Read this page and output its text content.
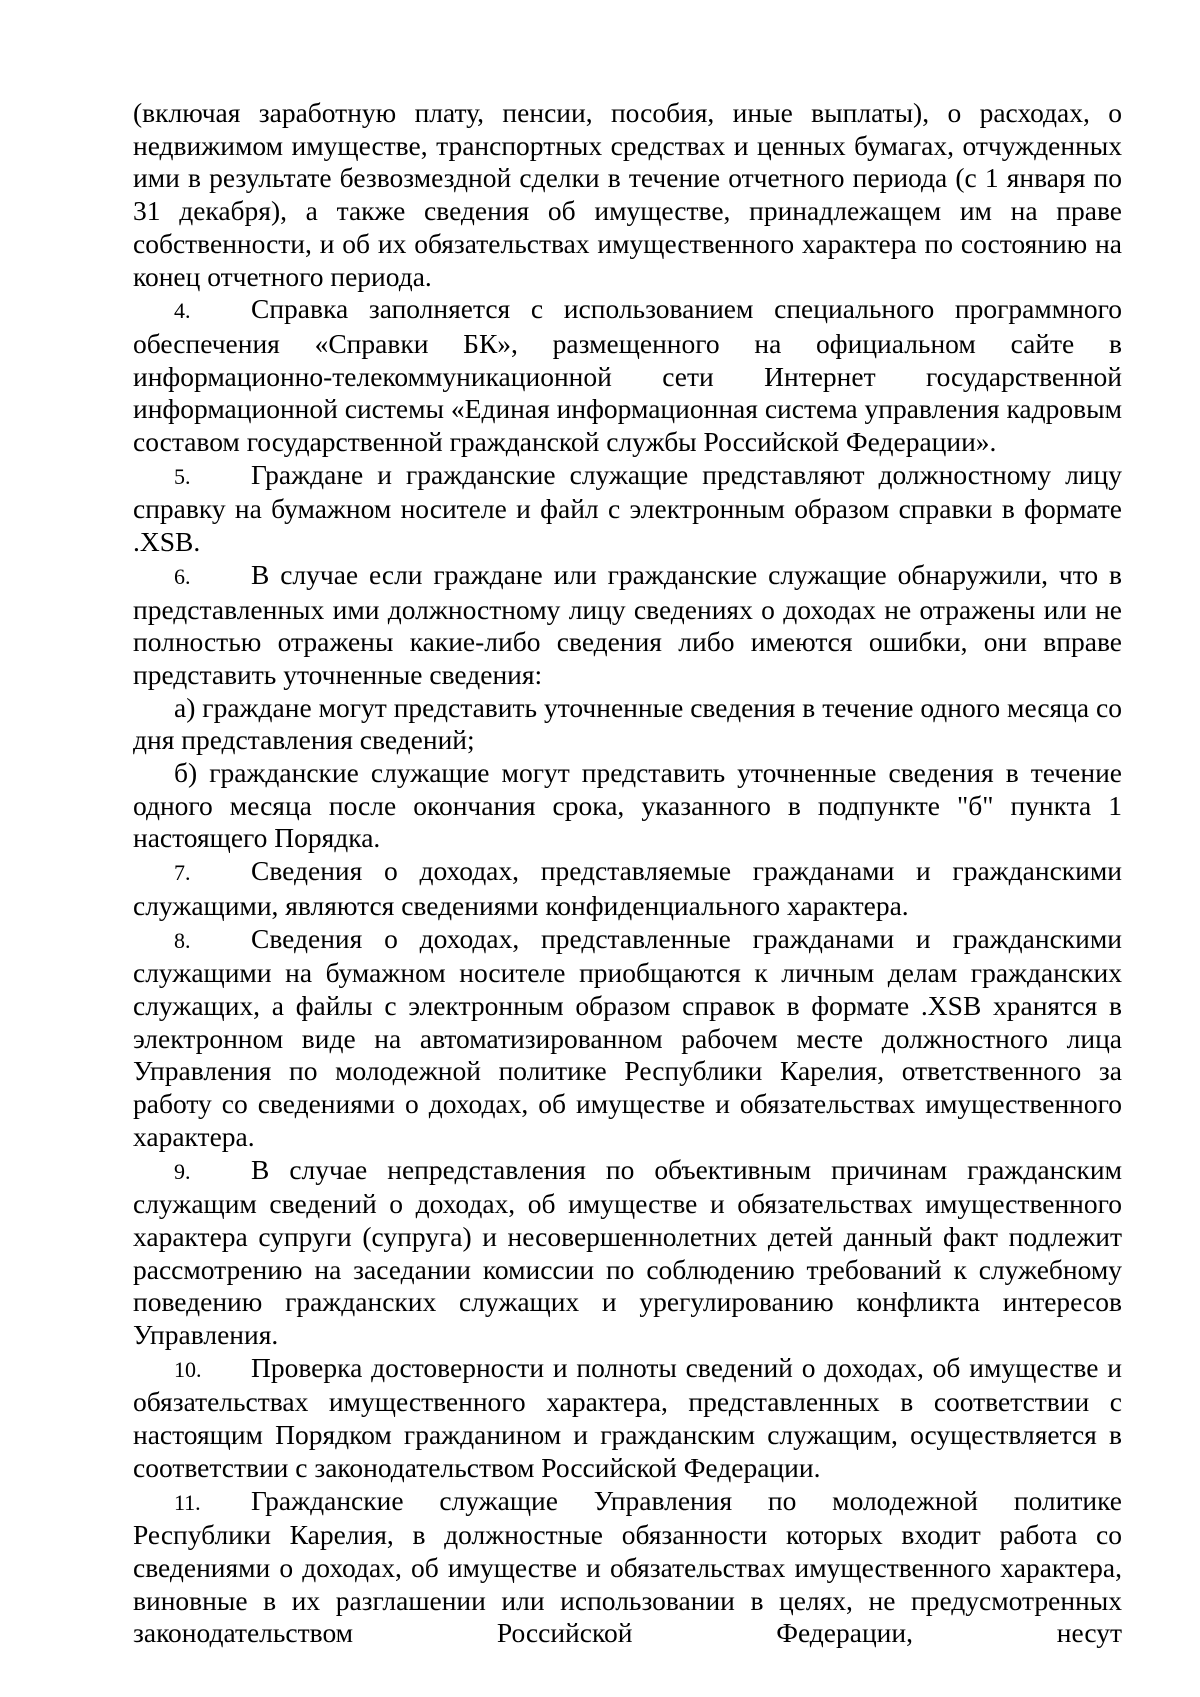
(включая заработную плату, пенсии, пособия, иные выплаты), о расходах, о недвижимом имуществе, транспортных средствах и ценных бумагах, отчужденных ими в результате безвозмездной сделки в течение отчетного периода (с 1 января по 31 декабря), а также сведения об имуществе, принадлежащем им на праве собственности, и об их обязательствах имущественного характера по состоянию на конец отчетного периода.

4. Справка заполняется с использованием специального программного обеспечения «Справки БК», размещенного на официальном сайте в информационно-телекоммуникационной сети Интернет государственной информационной системы «Единая информационная система управления кадровым составом государственной гражданской службы Российской Федерации».

5. Граждане и гражданские служащие представляют должностному лицу справку на бумажном носителе и файл с электронным образом справки в формате .XSB.

6. В случае если граждане или гражданские служащие обнаружили, что в представленных ими должностному лицу сведениях о доходах не отражены или не полностью отражены какие-либо сведения либо имеются ошибки, они вправе представить уточненные сведения:

а) граждане могут представить уточненные сведения в течение одного месяца со дня представления сведений;

б) гражданские служащие могут представить уточненные сведения в течение одного месяца после окончания срока, указанного в подпункте "б" пункта 1 настоящего Порядка.

7. Сведения о доходах, представляемые гражданами и гражданскими служащими, являются сведениями конфиденциального характера.

8. Сведения о доходах, представленные гражданами и гражданскими служащими на бумажном носителе приобщаются к личным делам гражданских служащих, а файлы с электронным образом справок в формате .XSB хранятся в электронном виде на автоматизированном рабочем месте должностного лица Управления по молодежной политике Республики Карелия, ответственного за работу со сведениями о доходах, об имуществе и обязательствах имущественного характера.

9. В случае непредставления по объективным причинам гражданским служащим сведений о доходах, об имуществе и обязательствах имущественного характера супруги (супруга) и несовершеннолетних детей данный факт подлежит рассмотрению на заседании комиссии по соблюдению требований к служебному поведению гражданских служащих и урегулированию конфликта интересов Управления.

10. Проверка достоверности и полноты сведений о доходах, об имуществе и обязательствах имущественного характера, представленных в соответствии с настоящим Порядком гражданином и гражданским служащим, осуществляется в соответствии с законодательством Российской Федерации.

11. Гражданские служащие Управления по молодежной политике Республики Карелия, в должностные обязанности которых входит работа со сведениями о доходах, об имуществе и обязательствах имущественного характера, виновные в их разглашении или использовании в целях, не предусмотренных законодательством Российской Федерации, несут
